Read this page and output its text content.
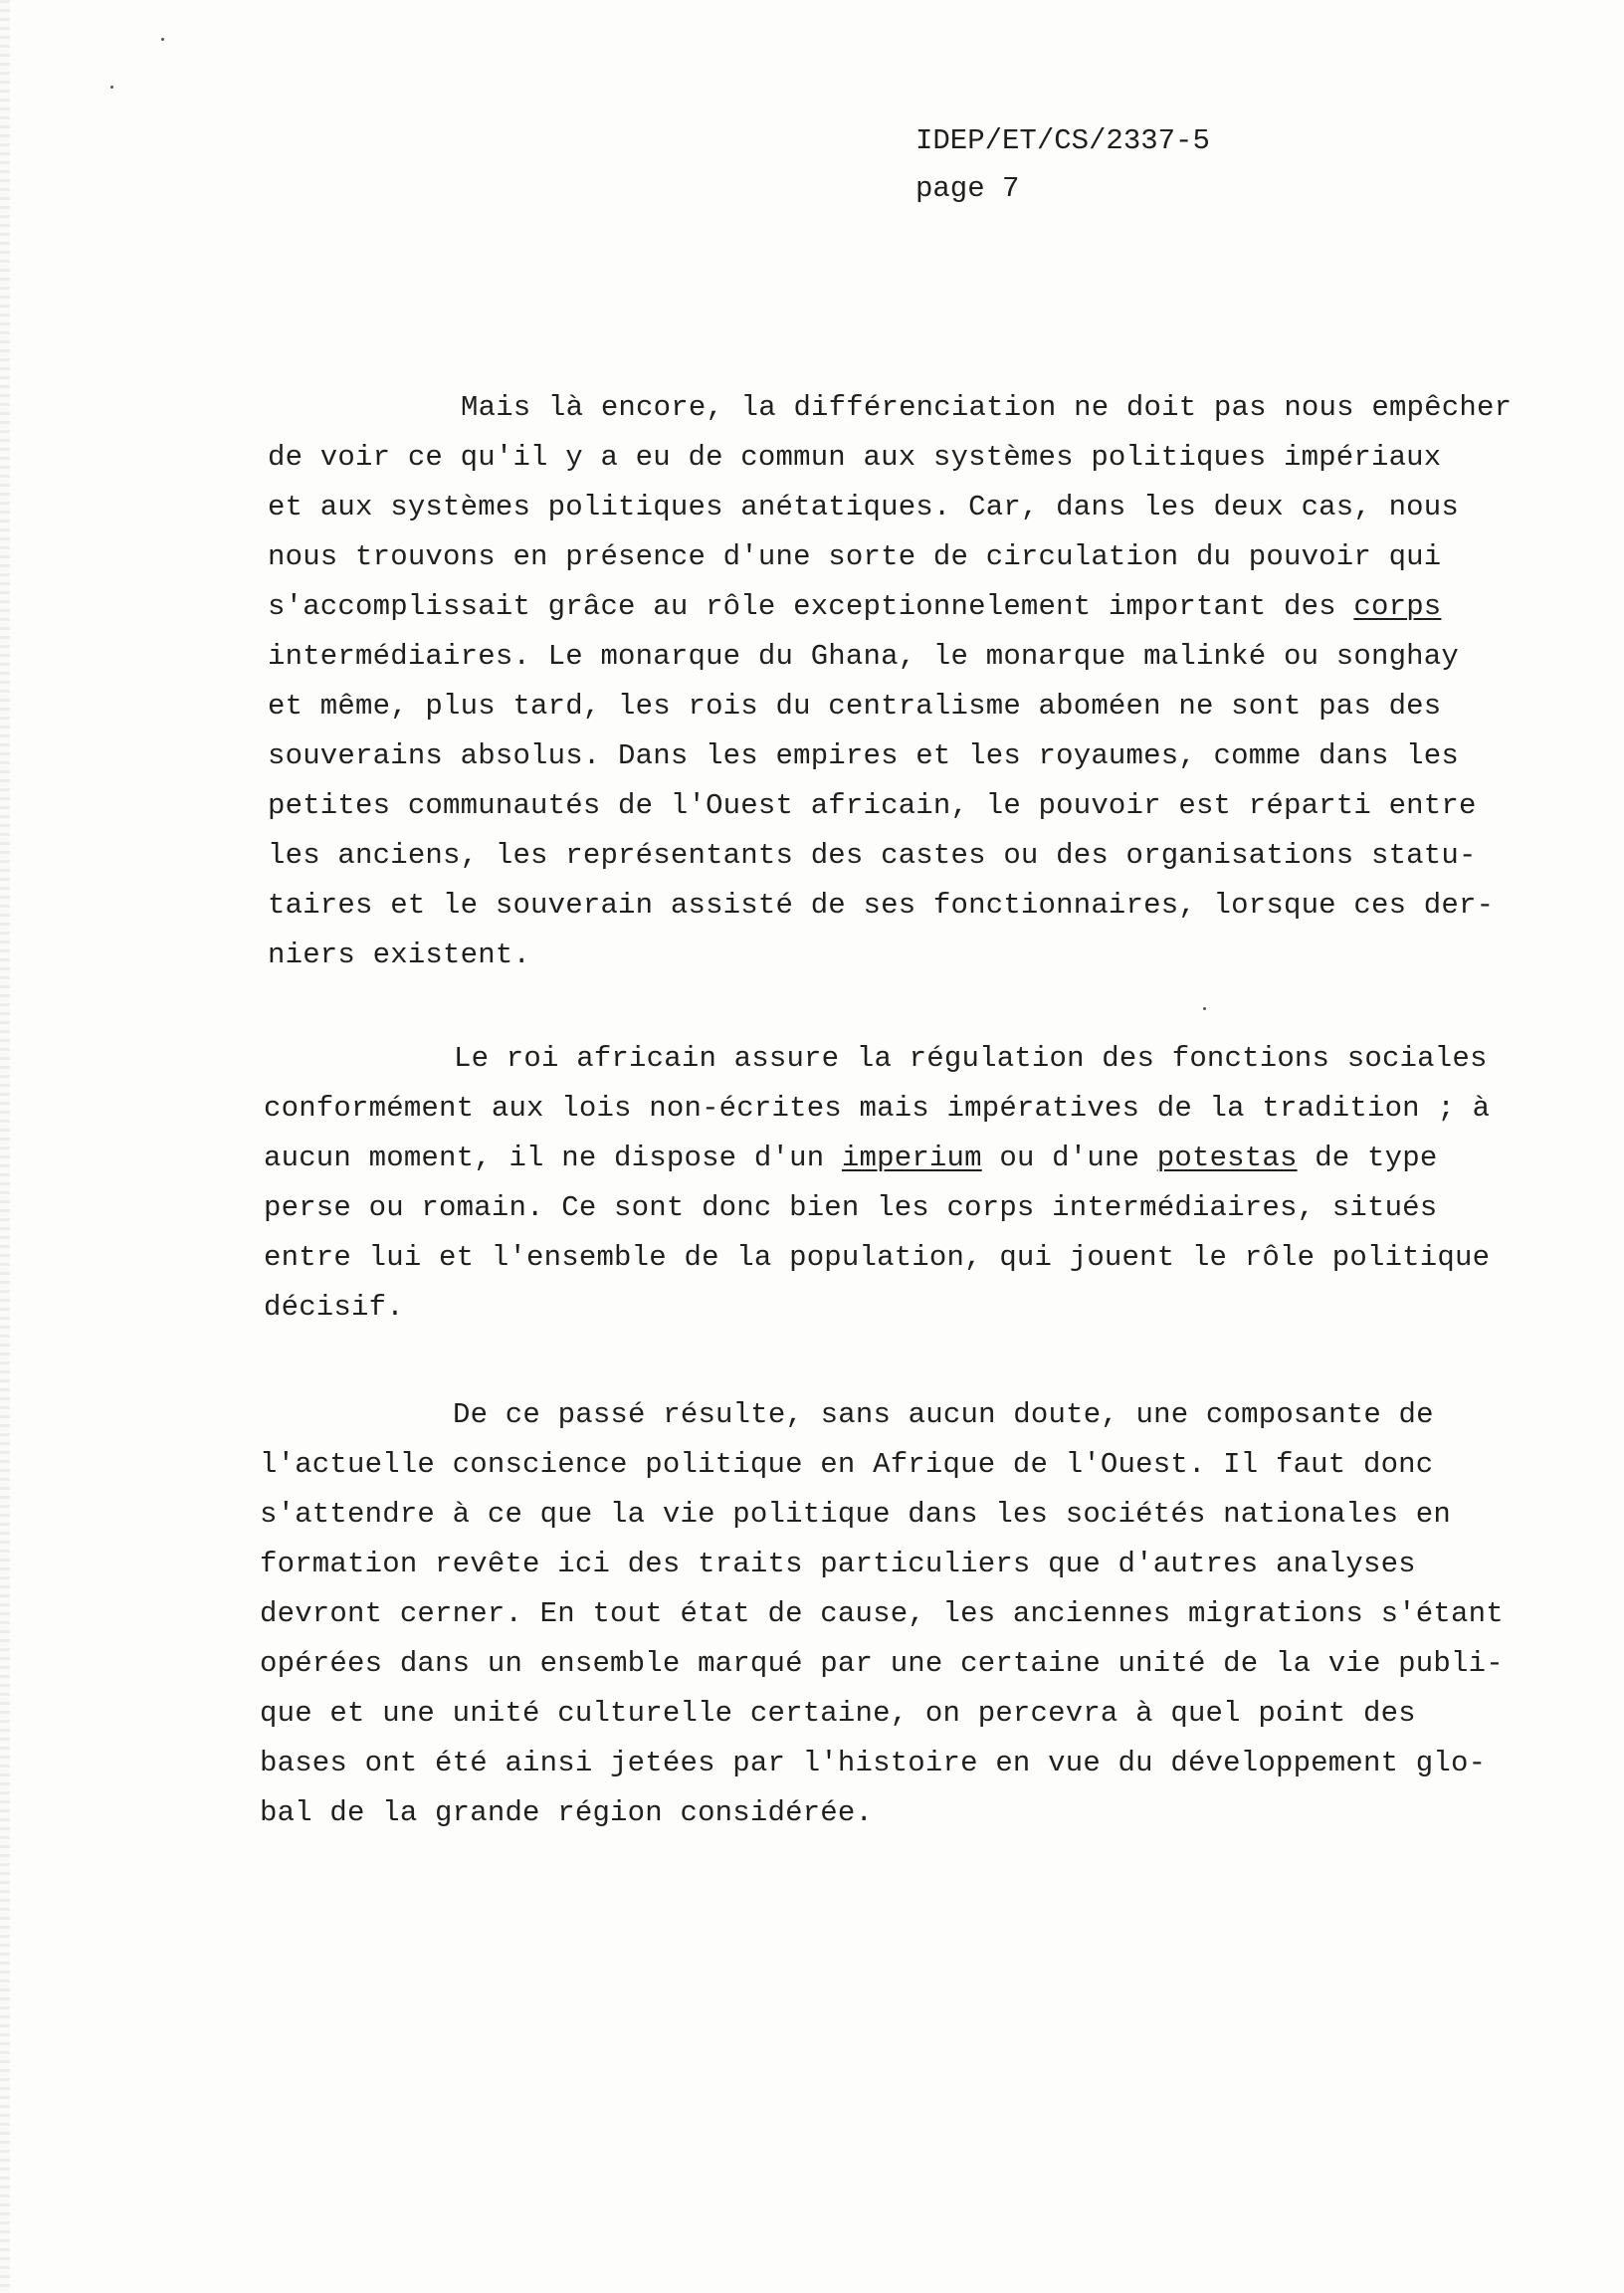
IDEP/ET/CS/2337-5
page 7
Mais là encore, la différenciation ne doit pas nous empêcher
de voir ce qu'il y a eu de commun aux systèmes politiques impériaux
et aux systèmes politiques anétatiques. Car, dans les deux cas, nous
nous trouvons en présence d'une sorte de circulation du pouvoir qui
s'accomplissait grâce au rôle exceptionnelement important des corps
intermédiaires. Le monarque du Ghana, le monarque malinké ou songhay
et même, plus tard, les rois du centralisme aboméen ne sont pas des
souverains absolus. Dans les empires et les royaumes, comme dans les
petites communautés de l'Ouest africain, le pouvoir est réparti entre
les anciens, les représentants des castes ou des organisations statu-
taires et le souverain assisté de ses fonctionnaires, lorsque ces der-
niers existent.
Le roi africain assure la régulation des fonctions sociales
conformément aux lois non-écrites mais impératives de la tradition ; à
aucun moment, il ne dispose d'un imperium ou d'une potestas de type
perse ou romain. Ce sont donc bien les corps intermédiaires, situés
entre lui et l'ensemble de la population, qui jouent le rôle politique
décisif.
De ce passé résulte, sans aucun doute, une composante de
l'actuelle conscience politique en Afrique de l'Ouest. Il faut donc
s'attendre à ce que la vie politique dans les sociétés nationales en
formation revête ici des traits particuliers que d'autres analyses
devront cerner. En tout état de cause, les anciennes migrations s'étant
opérées dans un ensemble marqué par une certaine unité de la vie publi-
que et une unité culturelle certaine, on percevra à quel point des
bases ont été ainsi jetées par l'histoire en vue du développement glo-
bal de la grande région considérée.
